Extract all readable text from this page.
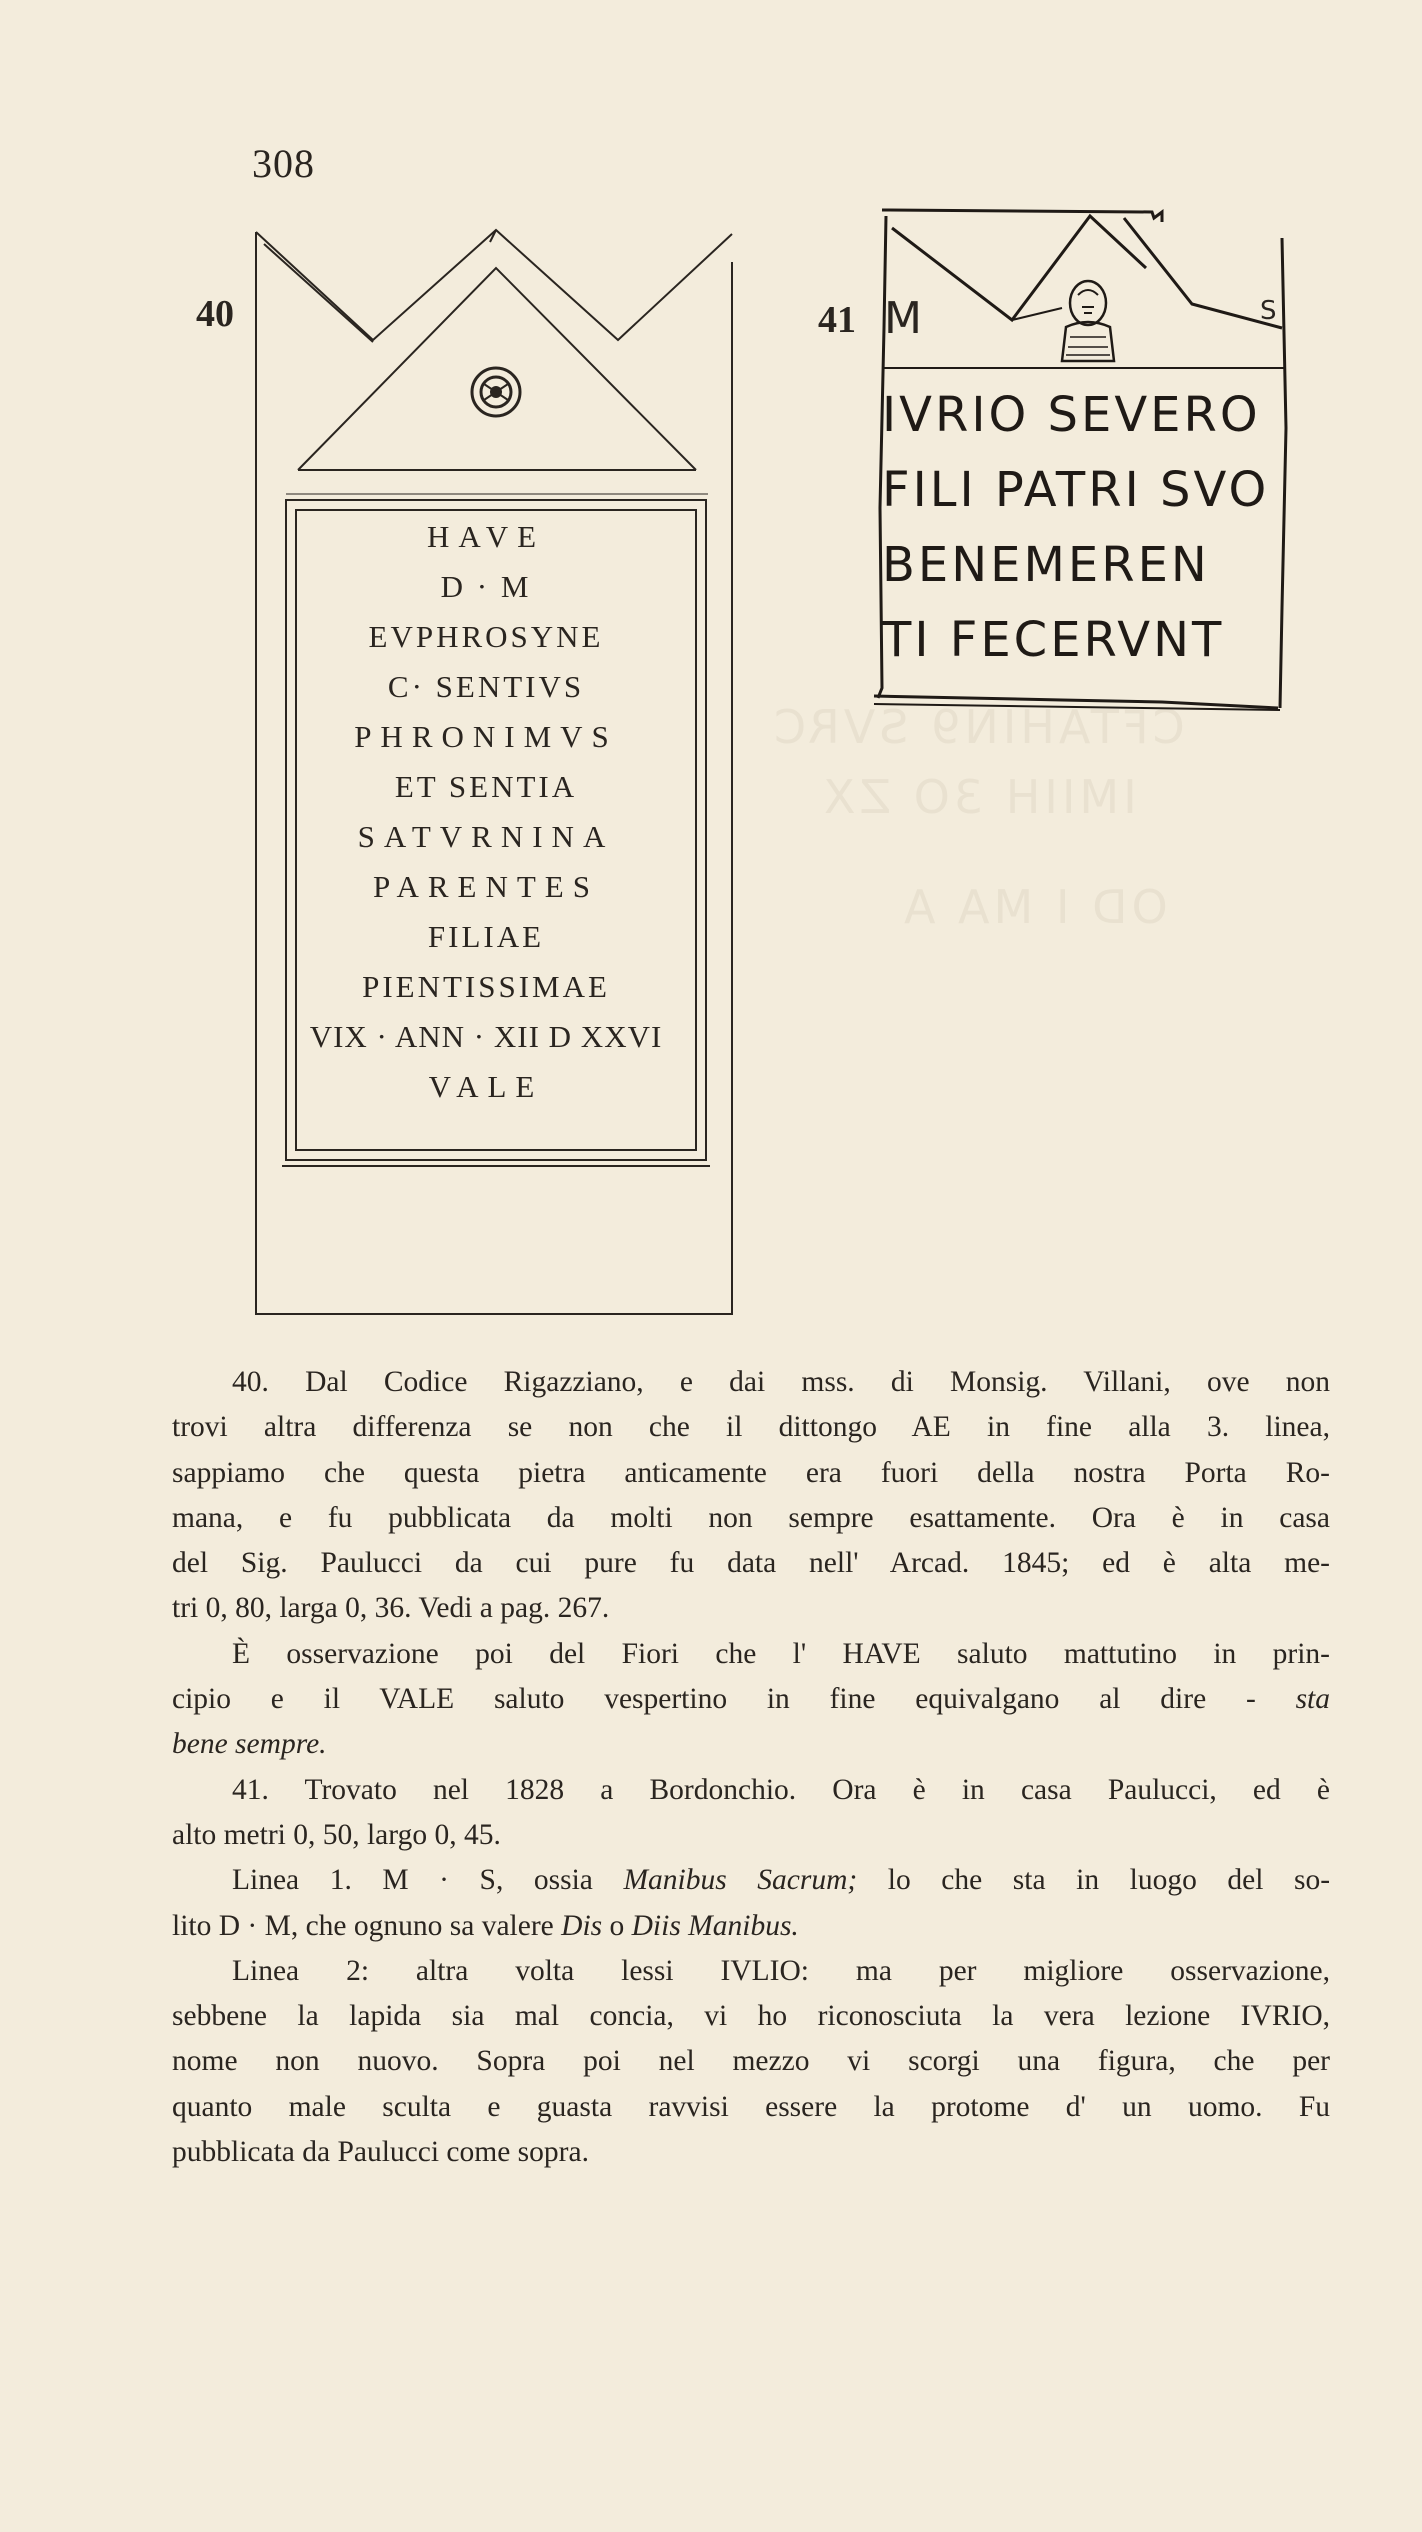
CFTAHIN9 SVRC
IMIIH 3O ZX
OD I MA A
308
40	41
HAVE
D · M
EVPHROSYNE
C· SENTIVS
PHRONIMVS
ET SENTIA
SATVRNINA
PARENTES
FILIAE
PIENTISSIMAE
VIX · ANN · XII D XXVI
VALE
M	S
IVRIO SEVERO
FILI PATRI SVO
BENEMEREN
TI FECERVNT

40. Dal Codice Rigazziano, e dai mss. di Monsig. Villani, ove non

trovi altra differenza se non che il dittongo AE in fine alla 3. linea,

sappiamo che questa pietra anticamente era fuori della nostra Porta Ro-

mana, e fu pubblicata da molti non sempre esattamente. Ora è in casa

del Sig. Paulucci da cui pure fu data nell' Arcad. 1845; ed è alta me-

tri 0, 80, larga 0, 36. Vedi a pag. 267.

È osservazione poi del Fiori che l' HAVE saluto mattutino in prin-

cipio e il VALE saluto vespertino in fine equivalgano al dire - sta

bene sempre.

41. Trovato nel 1828 a Bordonchio. Ora è in casa Paulucci, ed è

alto metri 0, 50, largo 0, 45.

Linea 1. M · S, ossia Manibus Sacrum; lo che sta in luogo del so-

lito D · M, che ognuno sa valere Dis o Diis Manibus.

Linea 2: altra volta lessi IVLIO: ma per migliore osservazione,

sebbene la lapida sia mal concia, vi ho riconosciuta la vera lezione IVRIO,

nome non nuovo. Sopra poi nel mezzo vi scorgi una figura, che per

quanto male sculta e guasta ravvisi essere la protome d' un uomo. Fu

pubblicata da Paulucci come sopra.
